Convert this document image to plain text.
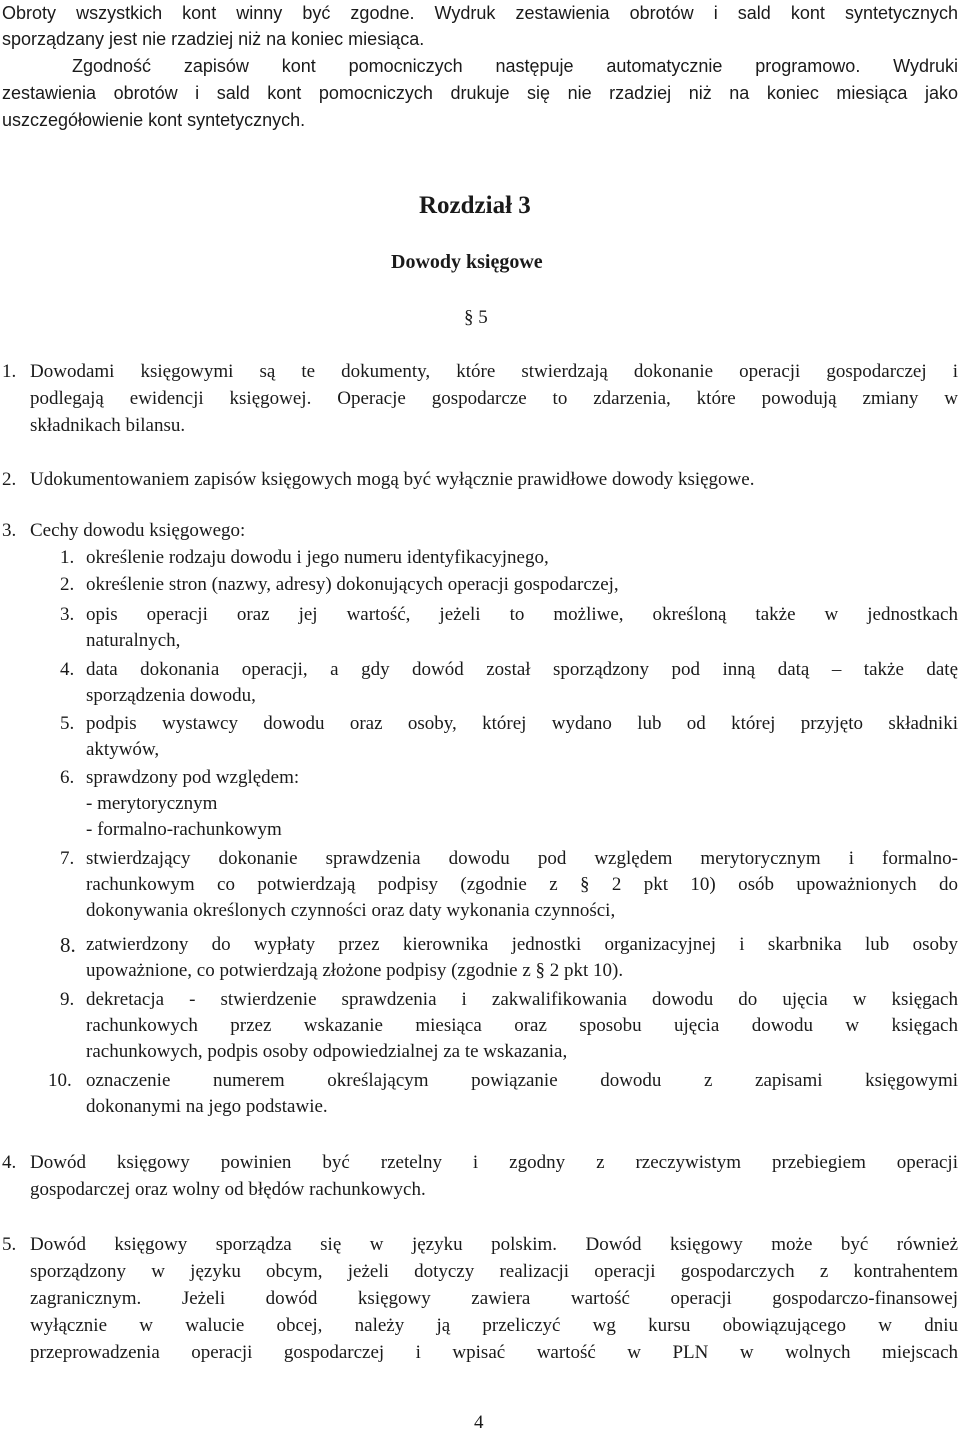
Obroty wszystkich kont winny być zgodne. Wydruk zestawienia obrotów i sald kont syntetycznych
sporządzany jest nie rzadziej niż na koniec miesiąca.
Zgodność zapisów kont pomocniczych następuje automatycznie programowo. Wydruki
zestawienia obrotów i sald kont pomocniczych drukuje się nie rzadziej niż na koniec miesiąca jako
uszczegółowienie kont syntetycznych.
Rozdział 3
Dowody księgowe
§ 5
1. Dowodami księgowymi są te dokumenty, które stwierdzają dokonanie operacji gospodarczej i
podlegają ewidencji księgowej. Operacje gospodarcze to zdarzenia, które powodują zmiany w
składnikach bilansu.
2. Udokumentowaniem zapisów księgowych mogą być wyłącznie prawidłowe dowody księgowe.
3. Cechy dowodu księgowego:
1. określenie rodzaju dowodu i jego numeru identyfikacyjnego,
2. określenie stron (nazwy, adresy) dokonujących operacji gospodarczej,
3. opis operacji oraz jej wartość, jeżeli to możliwe, określoną także w jednostkach
naturalnych,
4. data dokonania operacji, a gdy dowód został sporządzony pod inną datą – także datę
sporządzenia dowodu,
5. podpis wystawcy dowodu oraz osoby, której wydano lub od której przyjęto składniki
aktywów,
6. sprawdzony pod względem:
- merytorycznym
- formalno-rachunkowym
7. stwierdzający dokonanie sprawdzenia dowodu pod względem merytorycznym i formalno-
rachunkowym co potwierdzają podpisy (zgodnie z § 2 pkt 10) osób upoważnionych do
dokonywania określonych czynności oraz daty wykonania czynności,
8. zatwierdzony do wypłaty przez kierownika jednostki organizacyjnej i skarbnika lub osoby
upoważnione, co potwierdzają złożone podpisy (zgodnie z § 2 pkt 10).
9. dekretacja - stwierdzenie sprawdzenia i zakwalifikowania dowodu do ujęcia w księgach
rachunkowych przez wskazanie miesiąca oraz sposobu ujęcia dowodu w księgach
rachunkowych, podpis osoby odpowiedzialnej za te wskazania,
10. oznaczenie numerem określającym powiązanie dowodu z zapisami księgowymi
dokonanymi na jego podstawie.
4. Dowód księgowy powinien być rzetelny i zgodny z rzeczywistym przebiegiem operacji
gospodarczej oraz wolny od błędów rachunkowych.
5. Dowód księgowy sporządza się w języku polskim. Dowód księgowy może być również
sporządzony w języku obcym, jeżeli dotyczy realizacji operacji gospodarczych z kontrahentem
zagranicznym. Jeżeli dowód księgowy zawiera wartość operacji gospodarczo-finansowej
wyłącznie w walucie obcej, należy ją przeliczyć wg kursu obowiązującego w dniu
przeprowadzenia operacji gospodarczej i wpisać wartość w PLN w wolnych miejscach
4
